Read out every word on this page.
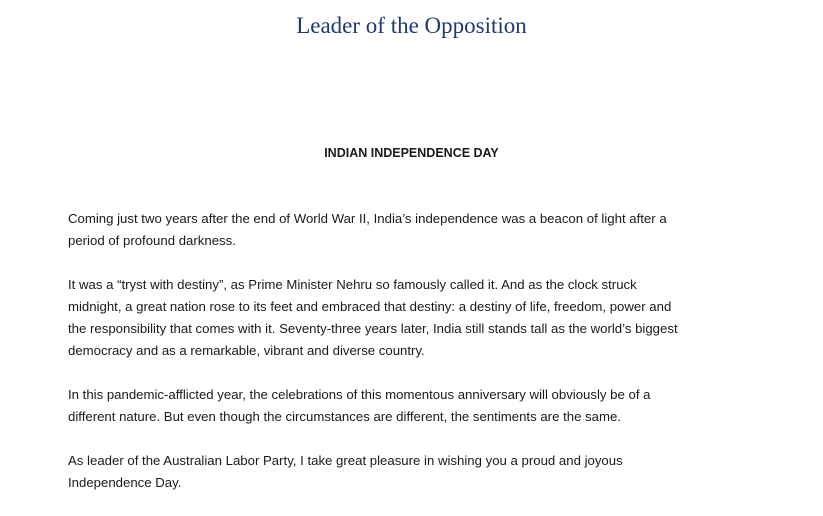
Leader of the Opposition
INDIAN INDEPENDENCE DAY

Coming just two years after the end of World War II, India’s independence was a beacon of light after a
period of profound darkness.

It was a “tryst with destiny”, as Prime Minister Nehru so famously called it. And as the clock struck
midnight, a great nation rose to its feet and embraced that destiny: a destiny of life, freedom, power and
the responsibility that comes with it. Seventy-three years later, India still stands tall as the world’s biggest
democracy and as a remarkable, vibrant and diverse country.

In this pandemic-afflicted year, the celebrations of this momentous anniversary will obviously be of a
different nature. But even though the circumstances are different, the sentiments are the same.

As leader of the Australian Labor Party, I take great pleasure in wishing you a proud and joyous
Independence Day.
